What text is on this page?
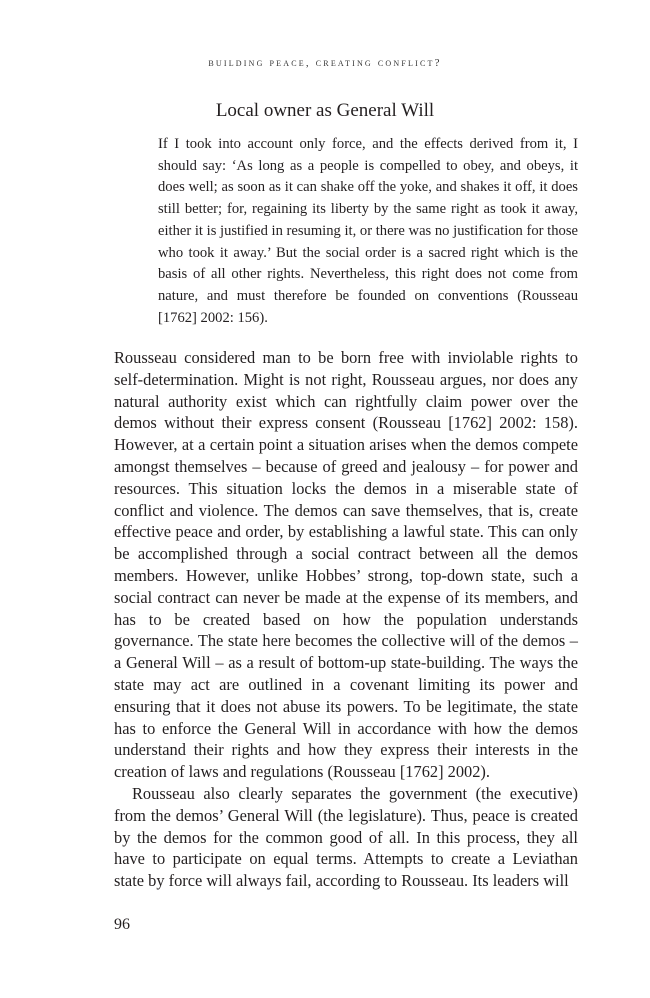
building peace, creating conflict?
Local owner as General Will
If I took into account only force, and the effects derived from it, I should say: ‘As long as a people is compelled to obey, and obeys, it does well; as soon as it can shake off the yoke, and shakes it off, it does still better; for, regaining its liberty by the same right as took it away, either it is justified in resuming it, or there was no justification for those who took it away.’ But the social order is a sacred right which is the basis of all other rights. Nevertheless, this right does not come from nature, and must therefore be founded on conventions (Rousseau [1762] 2002: 156).

Rousseau considered man to be born free with inviolable rights to self-determination. Might is not right, Rousseau argues, nor does any natural authority exist which can rightfully claim power over the demos without their express consent (Rousseau [1762] 2002: 158). However, at a certain point a situation arises when the demos compete amongst themselves – because of greed and jealousy – for power and resources. This situation locks the demos in a miserable state of conflict and violence. The demos can save themselves, that is, create effective peace and order, by establishing a lawful state. This can only be accomplished through a social contract between all the demos members. However, unlike Hobbes’ strong, top-down state, such a social contract can never be made at the expense of its members, and has to be created based on how the population understands governance. The state here becomes the collective will of the demos – a General Will – as a result of bottom-up state-building. The ways the state may act are outlined in a covenant limiting its power and ensuring that it does not abuse its powers. To be legitimate, the state has to enforce the General Will in accordance with how the demos understand their rights and how they express their interests in the creation of laws and regulations (Rousseau [1762] 2002).

Rousseau also clearly separates the government (the executive) from the demos’ General Will (the legislature). Thus, peace is created by the demos for the common good of all. In this process, they all have to participate on equal terms. Attempts to create a Leviathan state by force will always fail, according to Rousseau. Its leaders will

96
